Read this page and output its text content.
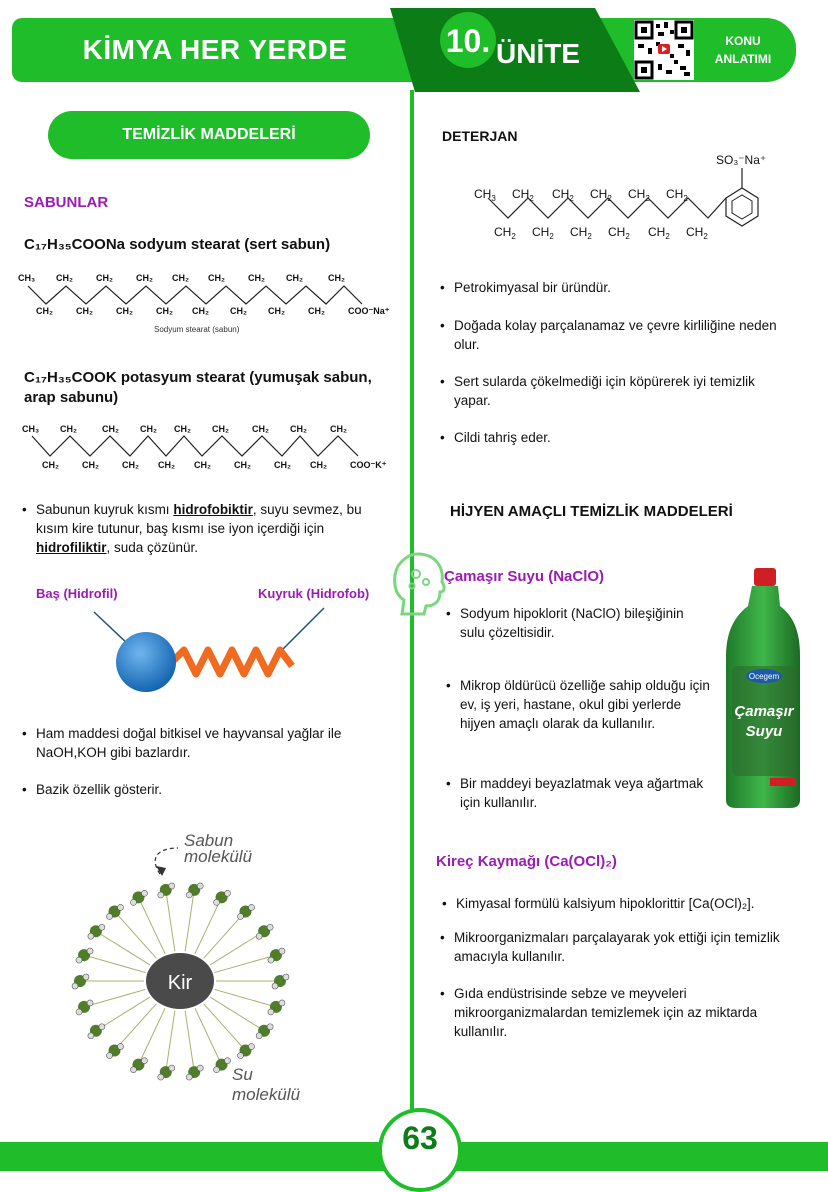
KİMYA HER YERDE	10. ÜNİTE	KONU
ANLATIMI
TEMİZLİK MADDELERİ
SABUNLAR
C₁₇H₃₅COONa sodyum stearat (sert sabun)
CH₃ CH₂	CH₂	CH₂ CH₂ CH₂	CH₂ CH₂	CH₂
CH₂	CH₂	CH₂	CH₂ CH₂ CH₂ CH₂	CH₂	COO⁻Na⁺
Sodyum stearat (sabun)
C₁₇H₃₅COOK potasyum stearat (yumuşak sabun, arap sabunu)
CH₃ CH₂	CH₂ CH₂ CH₂ CH₂	CH₂ CH₂	CH₂
CH₂	CH₂	CH₂ CH₂ CH₂	CH₂	CH₂ CH₂	COO⁻K⁺
• Sabunun kuyruk kısmı hidrofobiktir, suyu sevmez, bu kısım kire tutunur, baş kısmı ise iyon içerdiği için hidrofiliktir, suda çözünür.
Baş (Hidrofil)	Kuyruk (Hidrofob)
• Ham maddesi doğal bitkisel ve hayvansal yağlar ile NaOH,KOH gibi bazlardır.
• Bazik özellik gösterir.
Kir
Sabun
molekülü
Su
molekülü
DETERJAN
$CH_3$ $CH_2$ $CH_2$ $CH_2$ $CH_2$ $CH_2$
$CH_2$ $CH_2$ $CH_2$ $CH_2$ $CH_2$ $CH_2$
SO₃⁻Na⁺
• Petrokimyasal bir üründür.
• Doğada kolay parçalanamaz ve çevre kirliliğine neden olur.
• Sert sularda çökelmediği için köpürerek iyi temizlik yapar.
• Cildi tahriş eder.
HİJYEN AMAÇLI TEMİZLİK MADDELERİ
Çamaşır Suyu (NaClO)
• Sodyum hipoklorit (NaClO) bileşiğinin sulu çözeltisidir.
• Mikrop öldürücü özelliğe sahip olduğu için ev, iş yeri, hastane, okul gibi yerlerde hijyen amaçlı olarak da kullanılır.
• Bir maddeyi beyazlatmak veya ağartmak için kullanılır.
Ocegem
Çamaşır
Suyu
Kireç Kaymağı (Ca(OCl)₂)
• Kimyasal formülü kalsiyum hipoklorittir [Ca(OCl)₂].
• Mikroorganizmaları parçalayarak yok ettiği için temizlik amacıyla kullanılır.
• Gıda endüstrisinde sebze ve meyveleri mikroorganizmalardan temizlemek için az miktarda kullanılır.
63
